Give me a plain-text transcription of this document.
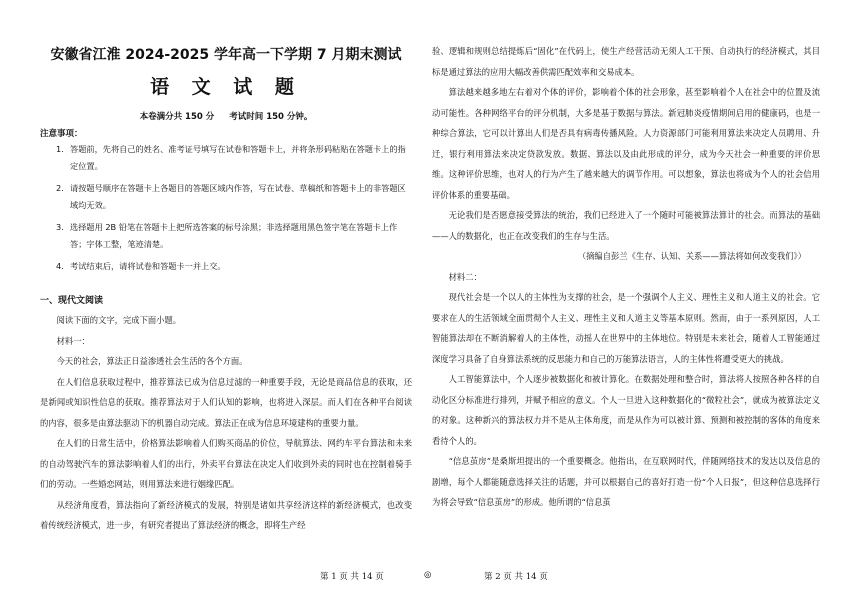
安徽省江淮 2024-2025 学年高一下学期 7 月期末测试
语 文 试 题
本卷满分共 150 分 考试时间 150 分钟。
注意事项：
1. 答题前，先将自己的姓名、准考证号填写在试卷和答题卡上，并将条形码粘贴在答题卡上的指定位置。
2. 请按题号顺序在答题卡上各题目的答题区域内作答，写在试卷、草稿纸和答题卡上的非答题区域均无效。
3. 选择题用 2B 铅笔在答题卡上把所选答案的标号涂黑；非选择题用黑色签字笔在答题卡上作答；字体工整，笔迹清楚。
4. 考试结束后，请将试卷和答题卡一并上交。
一、现代文阅读

阅读下面的文字，完成下面小题。

材料一：

今天的社会，算法正日益渗透社会生活的各个方面。

在人们信息获取过程中，推荐算法已成为信息过滤的一种重要手段，无论是商品信息的获取，还是新闻或知识性信息的获取。推荐算法对于人们认知的影响，也将进入深层。而人们在各种平台阅读的内容，很多是由算法驱动下的机器自动完成。算法正在成为信息环境建构的重要力量。

在人们的日常生活中，价格算法影响着人们购买商品的价位，导航算法、网约车平台算法和未来的自动驾驶汽车的算法影响着人们的出行，外卖平台算法在决定人们收到外卖的同时也在控制着骑手们的劳动。一些婚恋网站，则用算法来进行姻缘匹配。

从经济角度看，算法指向了新经济模式的发展，特别是诸如共享经济这样的新经济模式，也改变着传统经济模式，进一步，有研究者提出了算法经济的概念，即将生产经

验、逻辑和规则总结提炼后“固化”在代码上，使生产经营活动无须人工干预、自动执行的经济模式，其目标是通过算法的应用大幅改善供需匹配效率和交易成本。

算法越来越多地左右着对个体的评价，影响着个体的社会形象，甚至影响着个人在社会中的位置及流动可能性。各种网络平台的评分机制，大多是基于数据与算法。新冠肺炎疫情期间启用的健康码，也是一种综合算法，它可以计算出人们是否具有病毒传播风险。人力资源部门可能利用算法来决定人员聘用、升迁，银行利用算法来决定贷款发放。数据、算法以及由此形成的评分，成为今天社会一种重要的评价思维。这种评价思维，也对人的行为产生了越来越大的调节作用。可以想象，算法也将成为个人的社会信用评价体系的重要基础。

无论我们是否愿意接受算法的统治，我们已经进入了一个随时可能被算法算计的社会。而算法的基础——人的数据化，也正在改变我们的生存与生活。

（摘编自彭兰《生存、认知、关系——算法将如何改变我们》）

材料二：

现代社会是一个以人的主体性为支撑的社会，是一个强调个人主义、理性主义和人道主义的社会。它要求在人的生活领域全面贯彻个人主义、理性主义和人道主义等基本原则。然而，由于一系列原因，人工智能算法却在不断消解着人的主体性，动摇人在世界中的主体地位。特别是未来社会，随着人工智能通过深度学习具备了自身算法系统的反思能力和自己的万能算法语言，人的主体性将遭受更大的挑战。

人工智能算法中，个人逐步被数据化和被计算化。在数据处理和整合时，算法将人按照各种各样的自动化区分标准进行排列，并赋予相应的意义。个人一旦进入这种数据化的“微粒社会”，就成为被算法定义的对象。这种新兴的算法权力并不是从主体角度，而是从作为可以被计算、预测和被控制的客体的角度来看待个人的。

“信息茧房”是桑斯坦提出的一个重要概念。他指出，在互联网时代，伴随网络技术的发达以及信息的剧增，每个人都能随意选择关注的话题，并可以根据自己的喜好打造一份“个人日报”，但这种信息选择行为将会导致“信息茧房”的形成。他所谓的“信息茧

第 1 页 共 14 页	◎	第 2 页 共 14 页
